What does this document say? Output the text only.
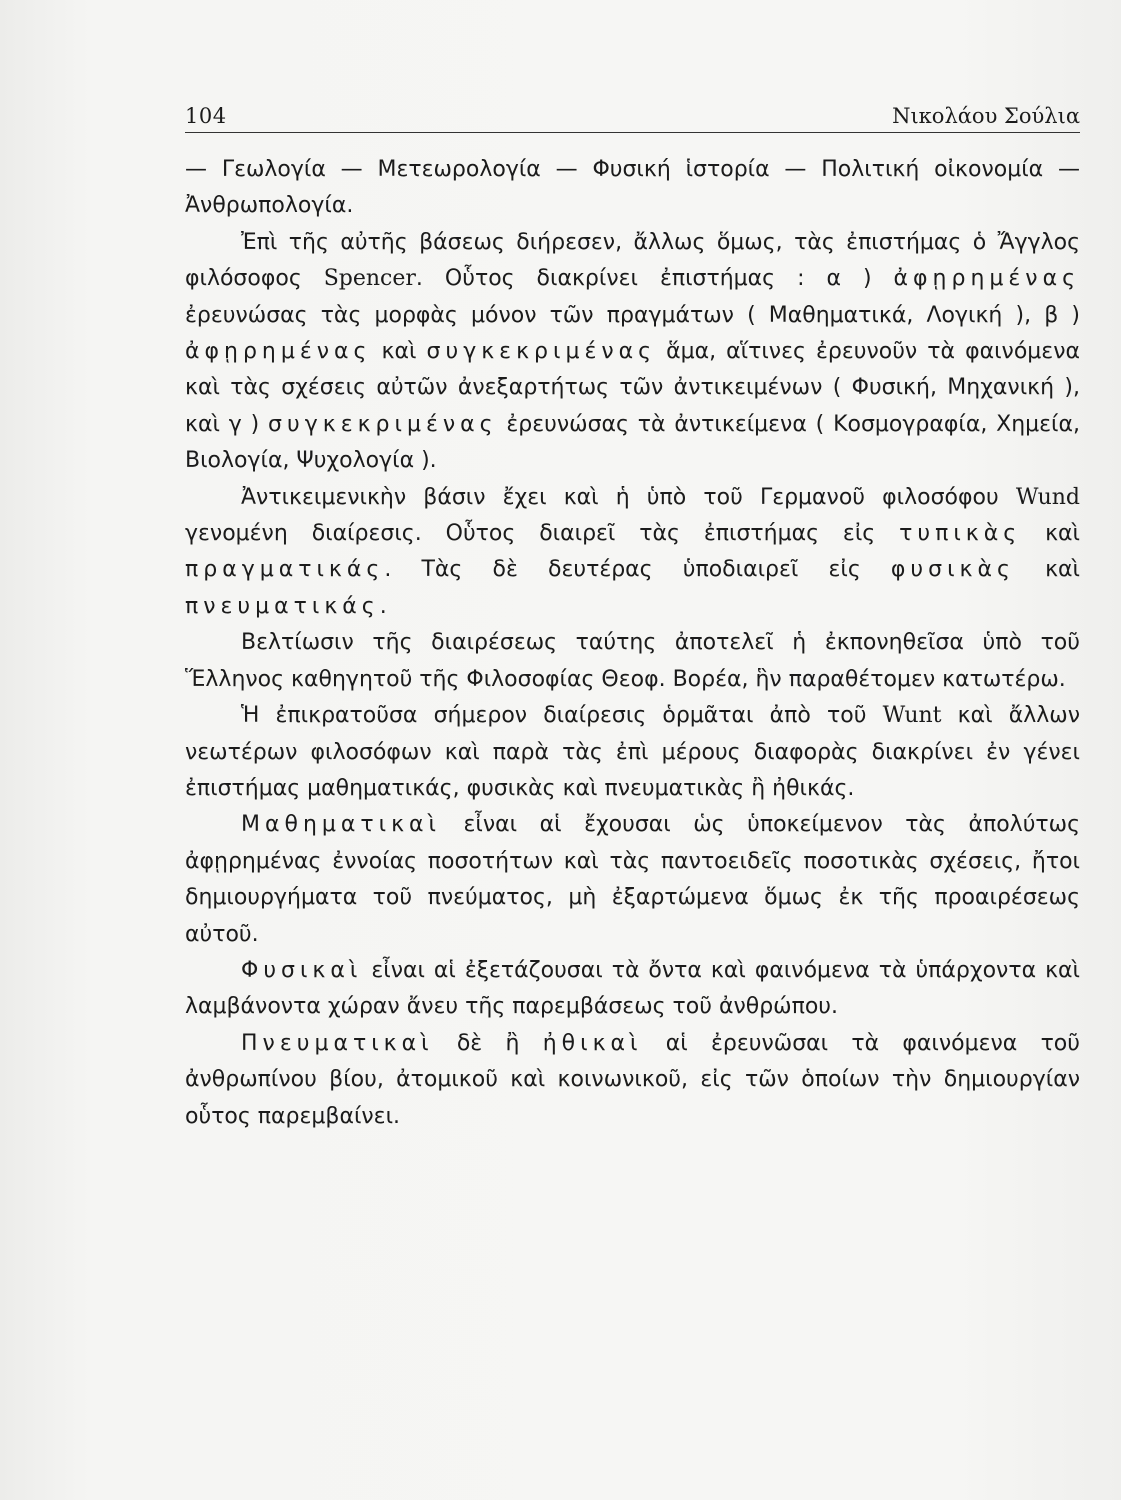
104	Νικολάου Σούλια

— Γεωλογία — Μετεωρολογία — Φυσική ἱστορία — Πολιτική οἰκονομία — Ἀνθρωπολογία.

Ἐπὶ τῆς αὐτῆς βάσεως διήρεσεν, ἄλλως ὅμως, τὰς ἐπιστήμας ὁ Ἄγγλος φιλόσοφος Spencer. Οὗτος διακρίνει ἐπιστήμας : α ) ἀφῃρημένας ἐρευνώσας τὰς μορφὰς μόνον τῶν πραγμάτων ( Μαθηματικά, Λογική ), β ) ἀφῃρημένας καὶ συγκεκριμένας ἅμα, αἵτινες ἐρευνοῦν τὰ φαινόμενα καὶ τὰς σχέσεις αὐτῶν ἀνεξαρτήτως τῶν ἀντικειμένων ( Φυσική, Μηχανική ), καὶ γ ) συγκεκριμένας ἐρευνώσας τὰ ἀντικείμενα ( Κοσμογραφία, Χημεία, Βιολογία, Ψυχολογία ).

Ἀντικειμενικὴν βάσιν ἔχει καὶ ἡ ὑπὸ τοῦ Γερμανοῦ φιλοσόφου Wund γενομένη διαίρεσις. Οὗτος διαιρεῖ τὰς ἐπιστήμας εἰς τυπικὰς καὶ πραγματικάς. Τὰς δὲ δευτέρας ὑποδιαιρεῖ εἰς φυσικὰς καὶ πνευματικάς.

Βελτίωσιν τῆς διαιρέσεως ταύτης ἀποτελεῖ ἡ ἐκπονηθεῖσα ὑπὸ τοῦ Ἕλληνος καθηγητοῦ τῆς Φιλοσοφίας Θεοφ. Βορέα, ἣν παραθέτομεν κατωτέρω.

Ἡ ἐπικρατοῦσα σήμερον διαίρεσις ὁρμᾶται ἀπὸ τοῦ Wunt καὶ ἄλλων νεωτέρων φιλοσόφων καὶ παρὰ τὰς ἐπὶ μέρους διαφορὰς διακρίνει ἐν γένει ἐπιστήμας μαθηματικάς, φυσικὰς καὶ πνευματικὰς ἢ ἠθικάς.

Μαθηματικαὶ εἶναι αἱ ἔχουσαι ὡς ὑποκείμενον τὰς ἀπολύτως ἀφῃρημένας ἐννοίας ποσοτήτων καὶ τὰς παντοειδεῖς ποσοτικὰς σχέσεις, ἤτοι δημιουργήματα τοῦ πνεύματος, μὴ ἐξαρτώμενα ὅμως ἐκ τῆς προαιρέσεως αὐτοῦ.

Φυσικαὶ εἶναι αἱ ἐξετάζουσαι τὰ ὄντα καὶ φαινόμενα τὰ ὑπάρχοντα καὶ λαμβάνοντα χώραν ἄνευ τῆς παρεμβάσεως τοῦ ἀνθρώπου.

Πνευματικαὶ δὲ ἢ ἠθικαὶ αἱ ἐρευνῶσαι τὰ φαινόμενα τοῦ ἀνθρωπίνου βίου, ἀτομικοῦ καὶ κοινωνικοῦ, εἰς τῶν ὁποίων τὴν δημιουργίαν οὗτος παρεμβαίνει.
